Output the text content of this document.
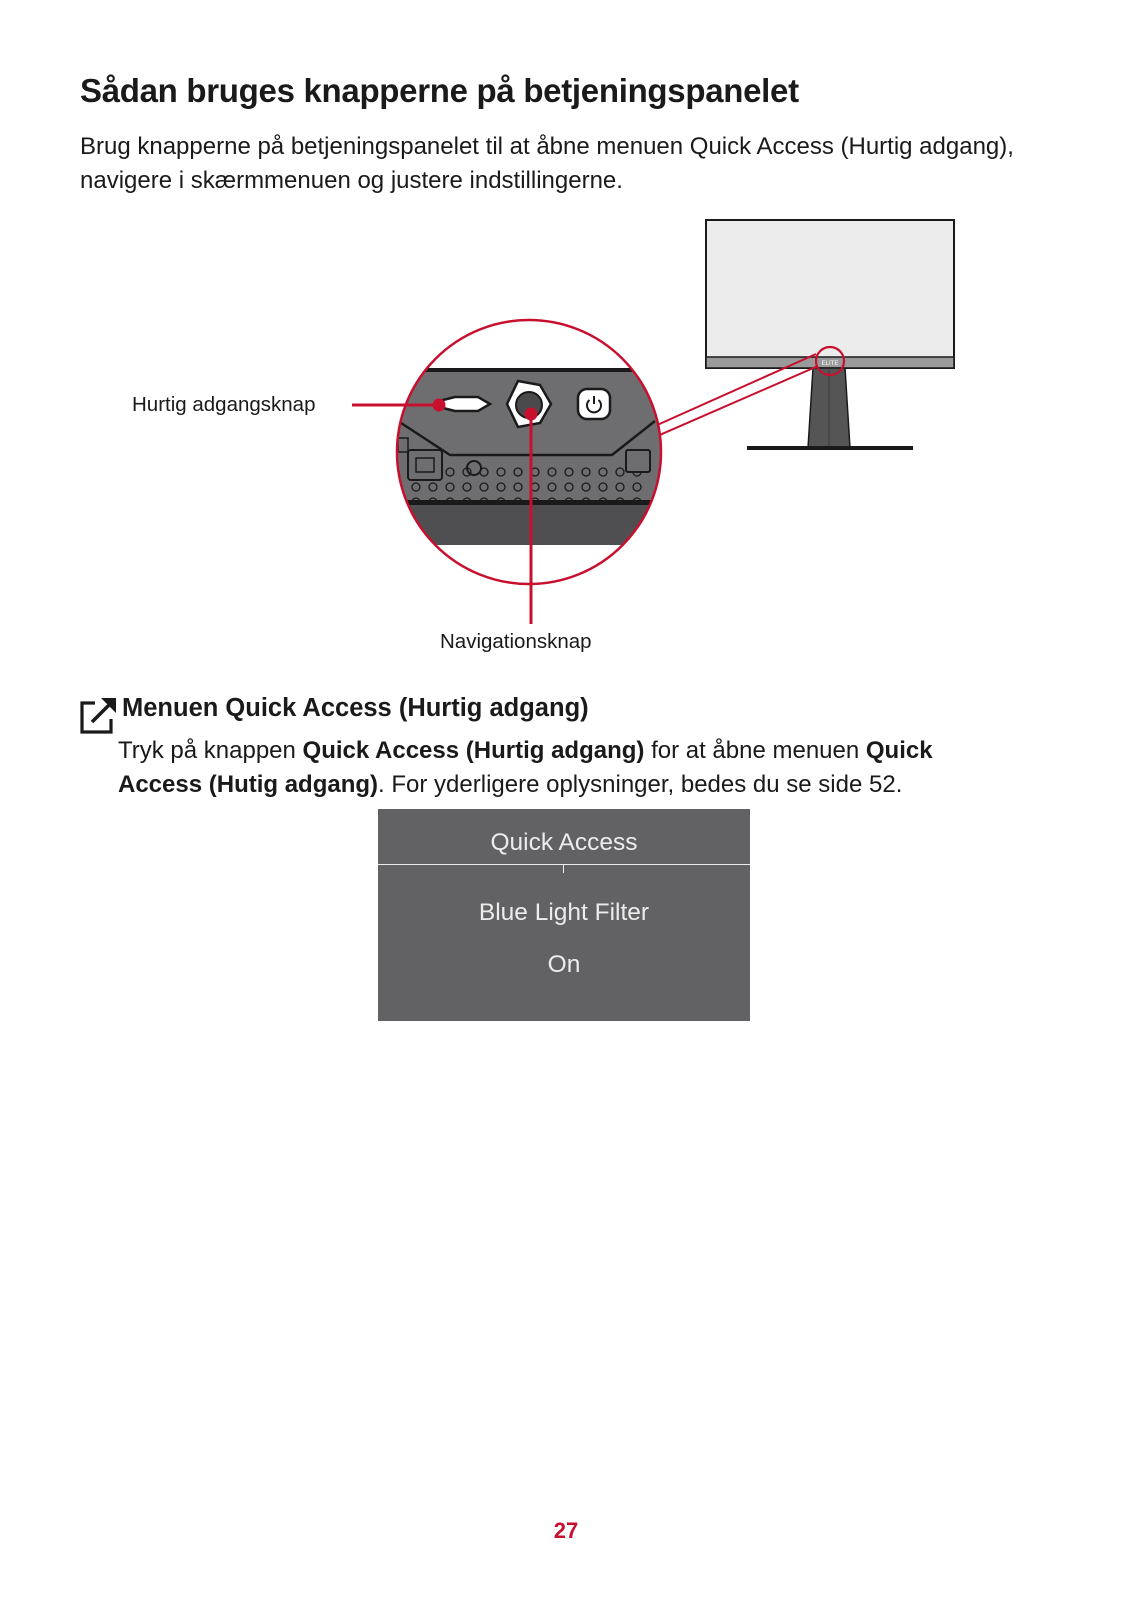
Sådan bruges knapperne på betjeningspanelet

Brug knapperne på betjeningspanelet til at åbne menuen Quick Access (Hurtig adgang), navigere i skærmmenuen og justere indstillingerne.

ELITE
Hurtig adgangsknap
Navigationsknap
Menuen Quick Access (Hurtig adgang)

Tryk på knappen Quick Access (Hurtig adgang) for at åbne menuen Quick Access (Hutig adgang). For yderligere oplysninger, bedes du se side 52.

Quick Access
Blue Light Filter
On
27
